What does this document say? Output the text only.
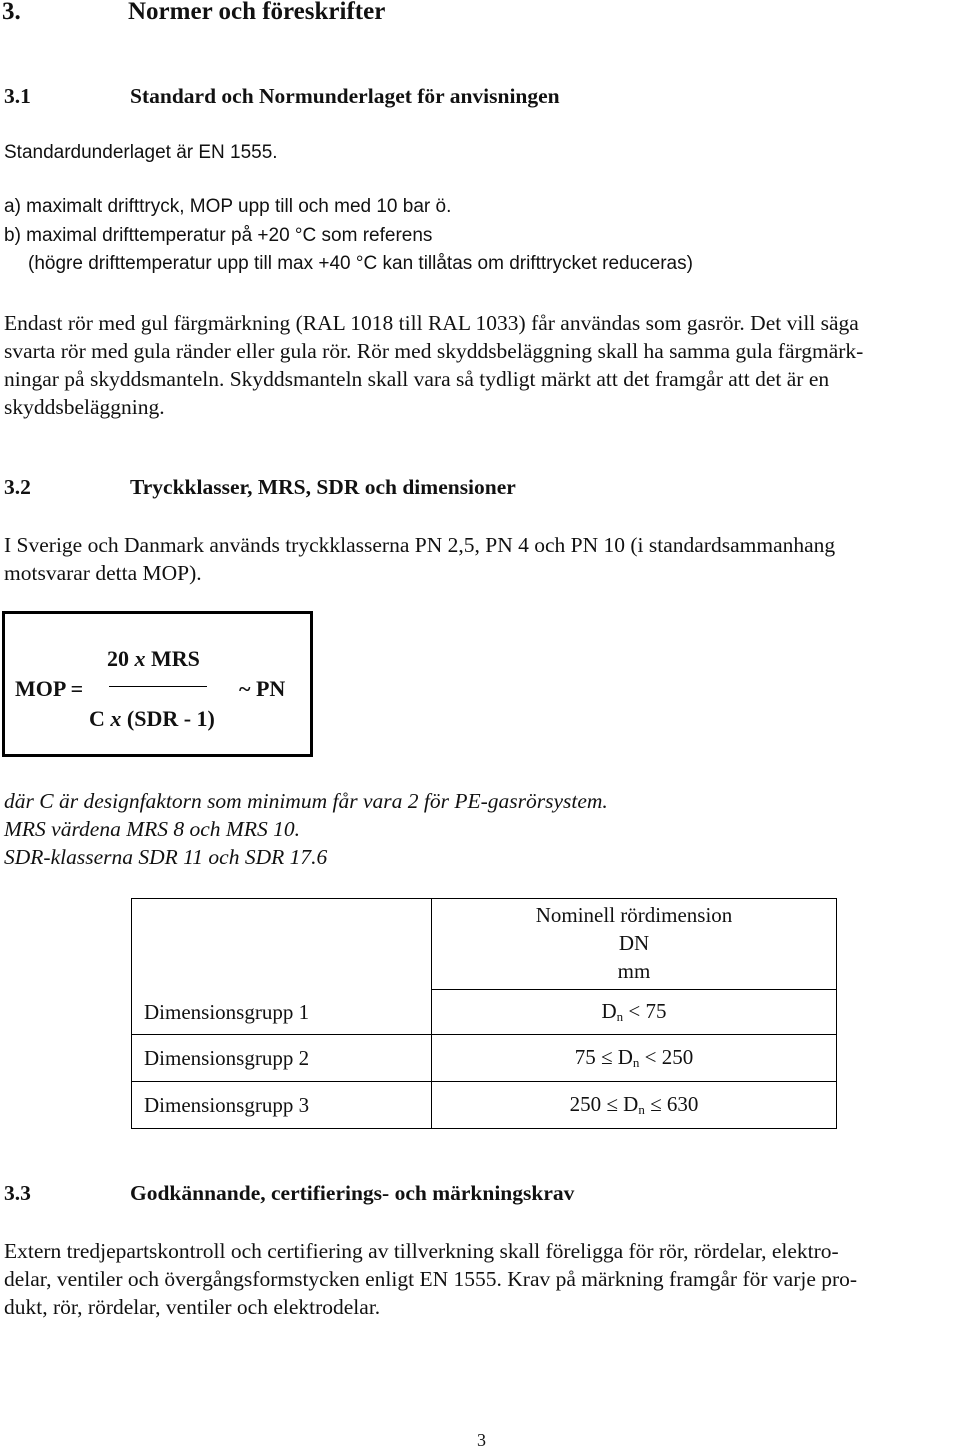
3.	Normer och föreskrifter
3.1	Standard och Normunderlaget för anvisningen

Standardunderlaget är EN 1555.

a) maximalt drifttryck, MOP upp till och med 10 bar ö.

b) maximal drifttemperatur på +20 °C som referens

(högre drifttemperatur upp till max +40 °C kan tillåtas om drifttrycket reduceras)

Endast rör med gul färgmärkning (RAL 1018 till RAL 1033) får användas som gasrör. Det vill säga
svarta rör med gula ränder eller gula rör. Rör med skyddsbeläggning skall ha samma gula färgmärk-
ningar på skyddsmanteln. Skyddsmanteln skall vara så tydligt märkt att det framgår att det är en
skyddsbeläggning.
3.2	Tryckklasser, MRS, SDR och dimensioner
I Sverige och Danmark används tryckklasserna PN 2,5, PN 4 och PN 10 (i standardsammanhang
motsvarar detta MOP).
20 x MRS
MOP =	~ PN
C x (SDR - 1)
där C är designfaktorn som minimum får vara 2 för PE-gasrörsystem.
MRS värdena MRS 8 och MRS 10.
SDR-klasserna SDR 11 och SDR 17.6

	Nominell rördimension
DN
mm

Dimensionsgrupp 1	$D_n < 75$
Dimensionsgrupp 2	$75 \le D_n < 250$
Dimensionsgrupp 3	$250 \le D_n \le 630$
3.3	Godkännande, certifierings- och märkningskrav
Extern tredjepartskontroll och certifiering av tillverkning skall föreligga för rör, rördelar, elektro-
delar, ventiler och övergångsformstycken enligt EN 1555. Krav på märkning framgår för varje pro-
dukt, rör, rördelar, ventiler och elektrodelar.
3
